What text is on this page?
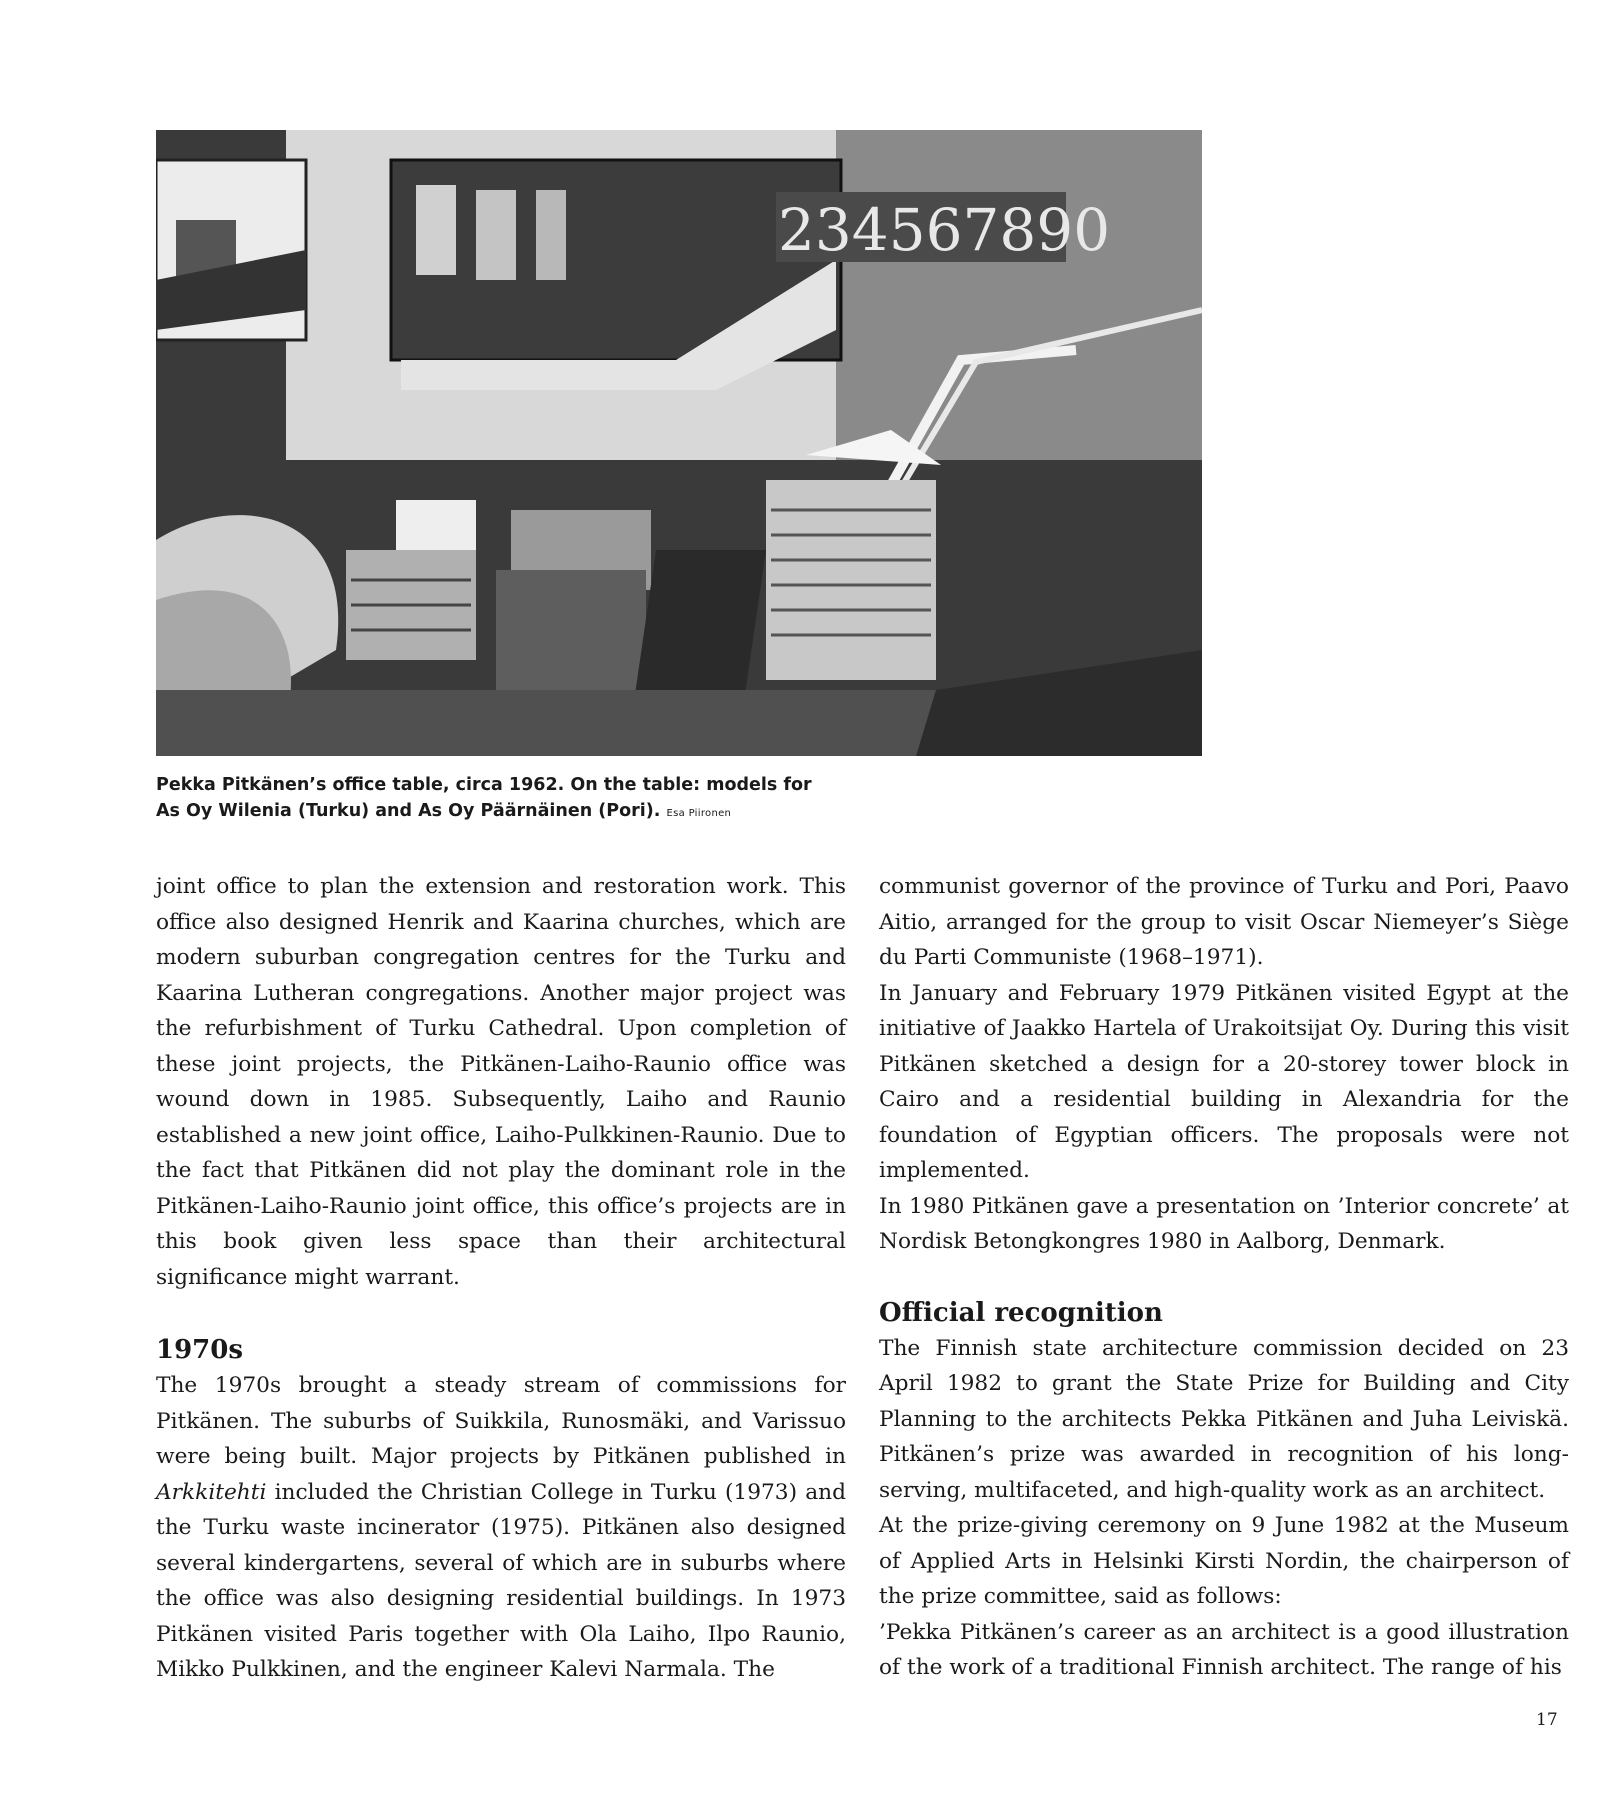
234567890
Pekka Pitkänen’s office table, circa 1962. On the table: models for
As Oy Wilenia (Turku) and As Oy Päärnäinen (Pori). Esa Piironen

joint office to plan the extension and restoration work. This office also designed Henrik and Kaarina churches, which are modern suburban congregation centres for the Turku and Kaarina Lutheran congregations. Another major project was the refurbishment of Turku Cathedral. Upon completion of these joint projects, the Pitkänen-Laiho-Raunio office was wound down in 1985. Subsequently, Laiho and Raunio established a new joint office, Laiho-Pulkkinen-Raunio. Due to the fact that Pitkänen did not play the dominant role in the Pitkänen-Laiho-Raunio joint office, this office’s projects are in this book given less space than their architectural significance might warrant.

1970s

The 1970s brought a steady stream of commissions for Pitkänen. The suburbs of Suikkila, Runosmäki, and Varissuo were being built. Major projects by Pitkänen published in Arkkitehti included the Christian College in Turku (1973) and the Turku waste incinerator (1975). Pitkänen also designed several kindergartens, several of which are in suburbs where the office was also designing residential buildings. In 1973 Pitkänen visited Paris together with Ola Laiho, Ilpo Raunio, Mikko Pulkkinen, and the engineer Kalevi Narmala. The

communist governor of the province of Turku and Pori, Paavo Aitio, arranged for the group to visit Oscar Niemeyer’s Siège du Parti Communiste (1968–1971).

In January and February 1979 Pitkänen visited Egypt at the initiative of Jaakko Hartela of Urakoitsijat Oy. During this visit Pitkänen sketched a design for a 20-storey tower block in Cairo and a residential building in Alexandria for the foundation of Egyptian officers. The proposals were not implemented.

In 1980 Pitkänen gave a presentation on ’Interior concrete’ at Nordisk Betongkongres 1980 in Aalborg, Denmark.

Official recognition

The Finnish state architecture commission decided on 23 April 1982 to grant the State Prize for Building and City Planning to the architects Pekka Pitkänen and Juha Leiviskä. Pitkänen’s prize was awarded in recognition of his long-serving, multifaceted, and high-quality work as an architect.

At the prize-giving ceremony on 9 June 1982 at the Museum of Applied Arts in Helsinki Kirsti Nordin, the chairperson of the prize committee, said as follows:

’Pekka Pitkänen’s career as an architect is a good illustration of the work of a traditional Finnish architect. The range of his

17
